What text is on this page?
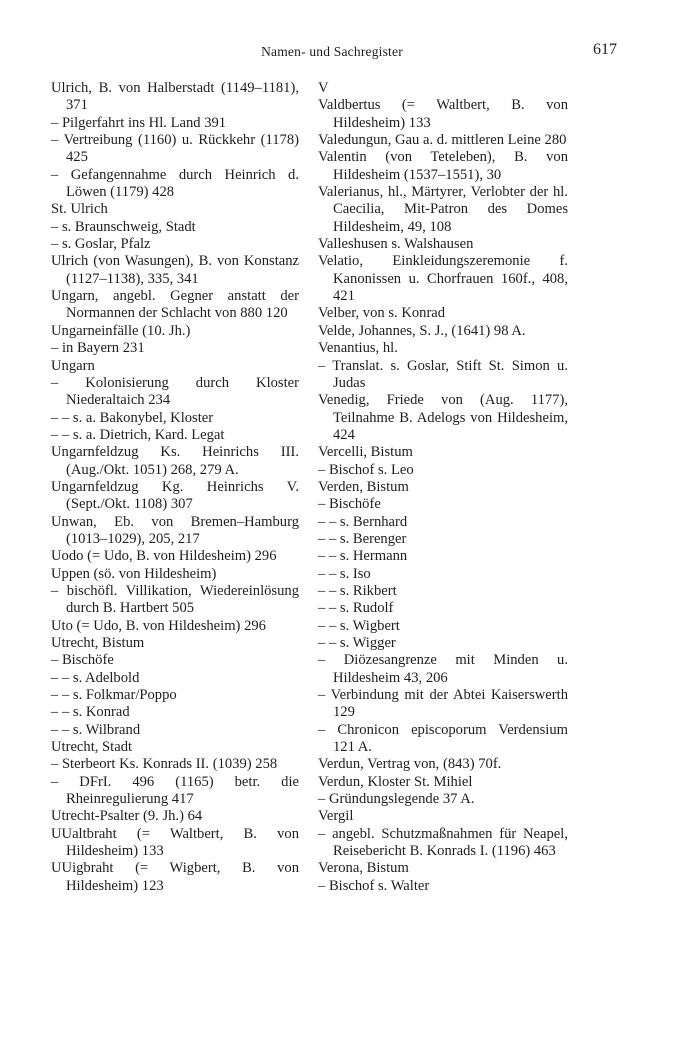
Namen- und Sachregister	617

Ulrich, B. von Halberstadt (1149–1181), 371

– Pilgerfahrt ins Hl. Land 391

– Vertreibung (1160) u. Rückkehr (1178) 425

– Gefangennahme durch Heinrich d. Löwen (1179) 428

St. Ulrich

– s. Braunschweig, Stadt

– s. Goslar, Pfalz

Ulrich (von Wasungen), B. von Konstanz (1127–1138), 335, 341

Ungarn, angebl. Gegner anstatt der Normannen der Schlacht von 880 120

Ungarneinfälle (10. Jh.)

– in Bayern 231

Ungarn

– Kolonisierung durch Kloster Niederaltaich 234

– – s. a. Bakonybel, Kloster

– – s. a. Dietrich, Kard. Legat

Ungarnfeldzug Ks. Heinrichs III. (Aug./Okt. 1051) 268, 279 A.

Ungarnfeldzug Kg. Heinrichs V. (Sept./Okt. 1108) 307

Unwan, Eb. von Bremen–Hamburg (1013–1029), 205, 217

Uodo (= Udo, B. von Hildesheim) 296

Uppen (sö. von Hildesheim)

– bischöfl. Villikation, Wiedereinlösung durch B. Hartbert 505

Uto (= Udo, B. von Hildesheim) 296

Utrecht, Bistum

– Bischöfe

– – s. Adelbold

– – s. Folkmar/Poppo

– – s. Konrad

– – s. Wilbrand

Utrecht, Stadt

– Sterbeort Ks. Konrads II. (1039) 258

– DFrI. 496 (1165) betr. die Rheinregulierung 417

Utrecht-Psalter (9. Jh.) 64

UUaltbraht (= Waltbert, B. von Hildesheim) 133

UUigbraht (= Wigbert, B. von Hildesheim) 123

V

Valdbertus (= Waltbert, B. von Hildesheim) 133

Valedungun, Gau a. d. mittleren Leine 280

Valentin (von Teteleben), B. von Hildesheim (1537–1551), 30

Valerianus, hl., Märtyrer, Verlobter der hl. Caecilia, Mit-Patron des Domes Hildesheim, 49, 108

Valleshusen s. Walshausen

Velatio, Einkleidungszeremonie f. Kanonissen u. Chorfrauen 160f., 408, 421

Velber, von s. Konrad

Velde, Johannes, S. J., (1641) 98 A.

Venantius, hl.

– Translat. s. Goslar, Stift St. Simon u. Judas

Venedig, Friede von (Aug. 1177), Teilnahme B. Adelogs von Hildesheim, 424

Vercelli, Bistum

– Bischof s. Leo

Verden, Bistum

– Bischöfe

– – s. Bernhard

– – s. Berenger

– – s. Hermann

– – s. Iso

– – s. Rikbert

– – s. Rudolf

– – s. Wigbert

– – s. Wigger

– Diözesangrenze mit Minden u. Hildesheim 43, 206

– Verbindung mit der Abtei Kaiserswerth 129

– Chronicon episcoporum Verdensium 121 A.

Verdun, Vertrag von, (843) 70f.

Verdun, Kloster St. Mihiel

– Gründungslegende 37 A.

Vergil

– angebl. Schutzmaßnahmen für Neapel, Reisebericht B. Konrads I. (1196) 463

Verona, Bistum

– Bischof s. Walter
